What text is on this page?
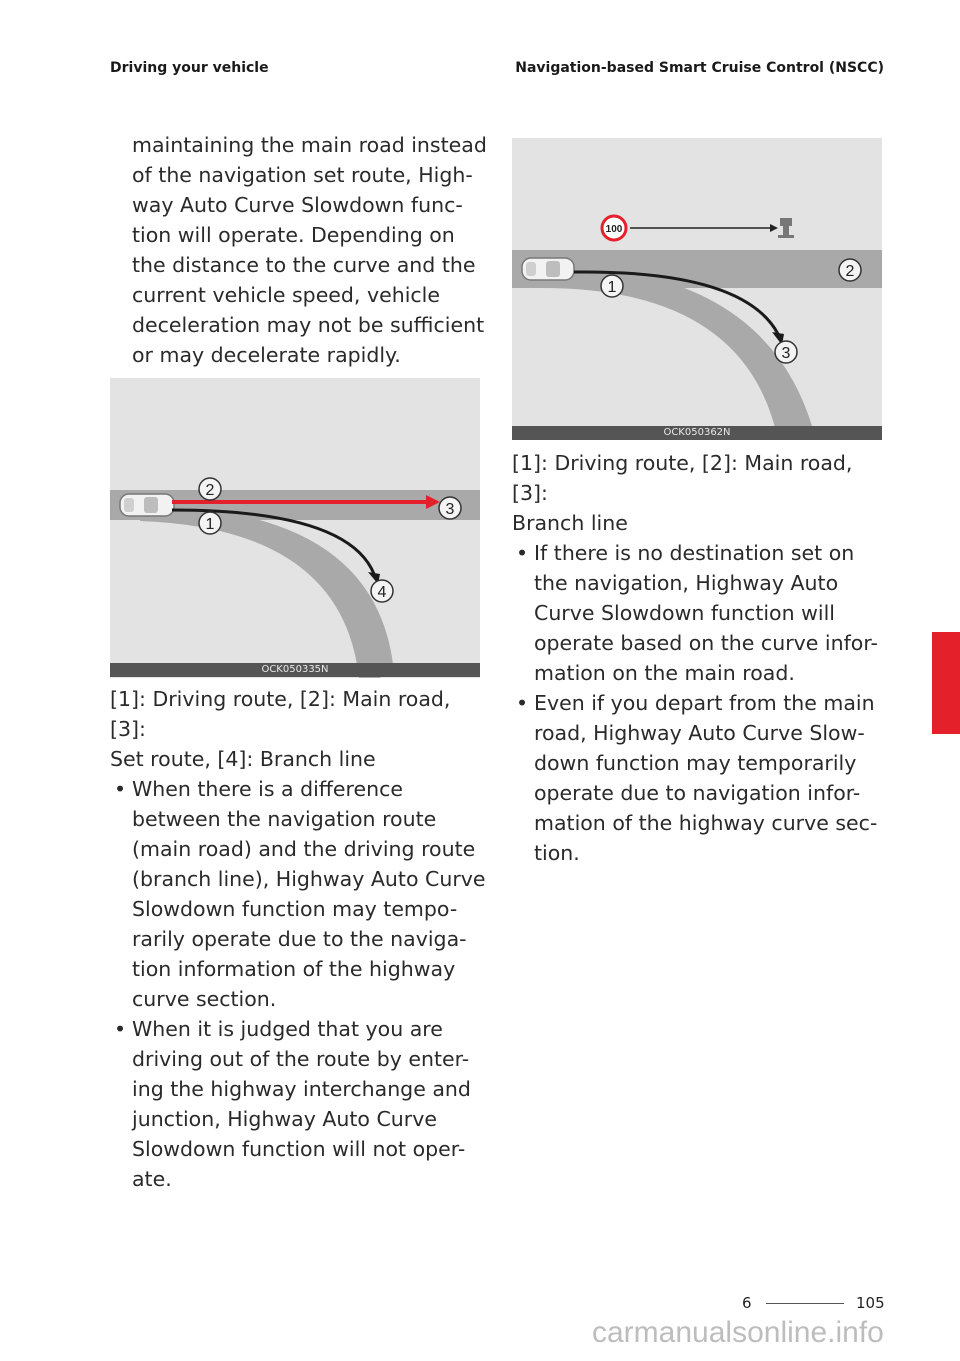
Driving your vehicle	Navigation-based Smart Cruise Control (NSCC)
maintaining the main road instead
of the navigation set route, High-
way Auto Curve Slowdown func-
tion will operate. Depending on
the distance to the curve and the
current vehicle speed, vehicle
deceleration may not be sufficient
or may decelerate rapidly.
2
1
3
4
OCK050335N
[1]: Driving route, [2]: Main road, [3]:
Set route, [4]: Branch line
• When there is a difference
between the navigation route
(main road) and the driving route
(branch line), Highway Auto Curve
Slowdown function may tempo-
rarily operate due to the naviga-
tion information of the highway
curve section.
• When it is judged that you are
driving out of the route by enter-
ing the highway interchange and
junction, Highway Auto Curve
Slowdown function will not oper-
ate.
100
1
2
3
OCK050362N
[1]: Driving route, [2]: Main road, [3]:
Branch line
• If there is no destination set on
the navigation, Highway Auto
Curve Slowdown function will
operate based on the curve infor-
mation on the main road.
• Even if you depart from the main
road, Highway Auto Curve Slow-
down function may temporarily
operate due to navigation infor-
mation of the highway curve sec-
tion.
6
6	105
carmanualsonline.info
